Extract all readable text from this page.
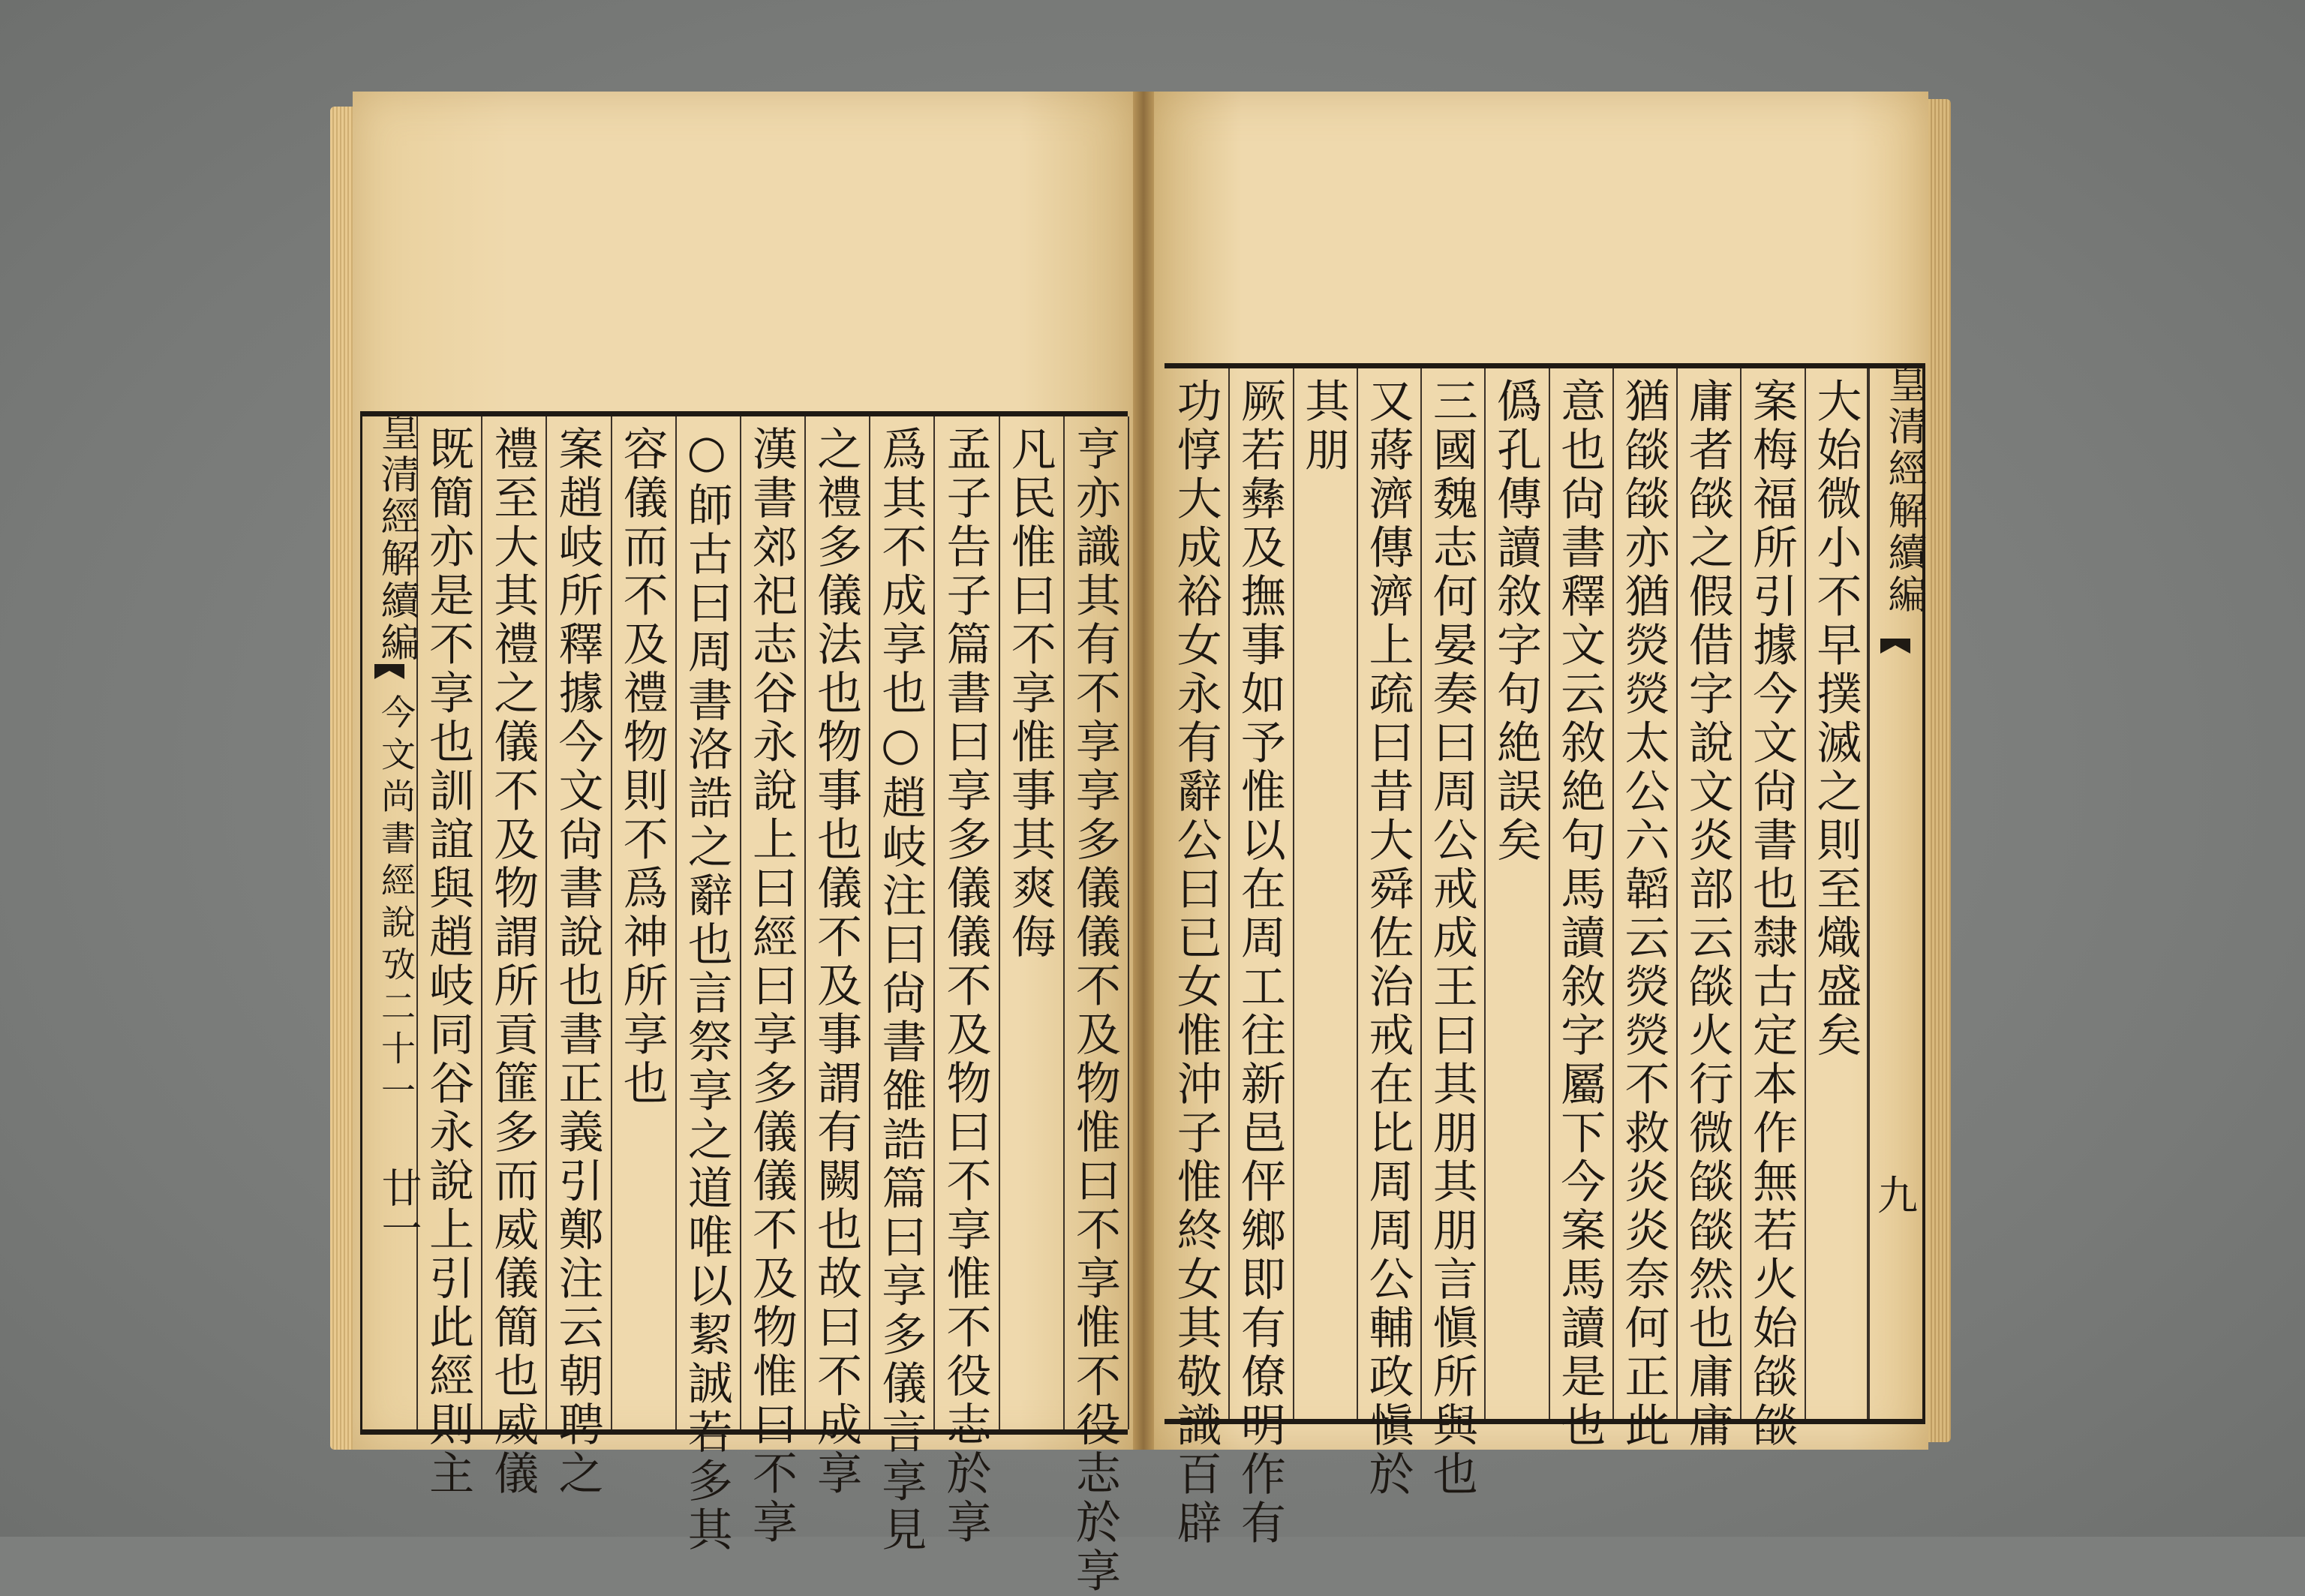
皇清經解續編
今文尚書經說攷二十一
廿一	亨亦識其有不享享多儀儀不及物惟曰不享惟不役志於享
凡民惟曰不享惟事其爽侮
孟子告子篇書曰享多儀儀不及物曰不享惟不役志於享
爲其不成享也○趙岐注曰尙書雒誥篇曰享多儀言享見
之禮多儀法也物事也儀不及事謂有闕也故曰不成享
漢書郊祀志谷永說上曰經曰享多儀儀不及物惟曰不享
○師古曰周書洛誥之辭也言祭享之道唯以絜誠若多其
容儀而不及禮物則不爲神所享也
案趙岐所釋據今文尙書說也書正義引鄭注云朝聘之
禮至大其禮之儀不及物謂所貢篚多而威儀簡也威儀
既簡亦是不享也訓誼與趙岐同谷永說上引此經則主	大始微小不早撲滅之則至熾盛矣
案梅福所引據今文尙書也隸古定本作無若火始燄燄
庸者燄之假借字說文炎部云燄火行微燄燄然也庸庸
猶燄燄亦猶熒熒太公六韜云熒熒不救炎炎奈何正此
意也尙書釋文云敘絶句馬讀敘字屬下今案馬讀是也
僞孔傳讀敘字句絶誤矣
三國魏志何晏奏曰周公戒成王曰其朋其朋言愼所與也
又蔣濟傳濟上疏曰昔大舜佐治戒在比周周公輔政愼於
其朋
厥若彝及撫事如予惟以在周工往新邑伻鄉即有僚明作有
功惇大成裕女永有辭公曰已女惟沖子惟終女其敬識百辟	皇清經解續編
九
